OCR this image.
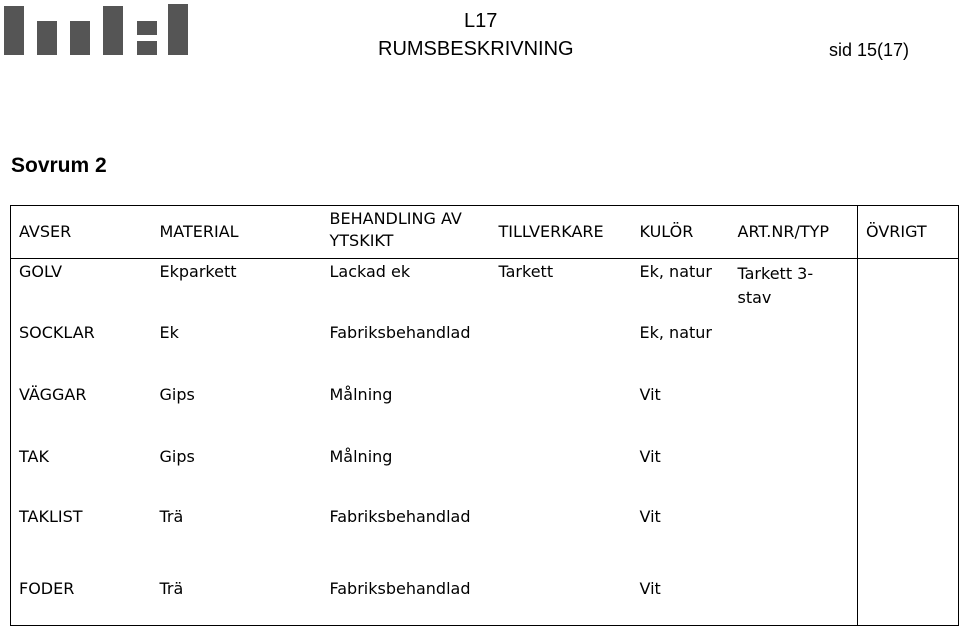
L17
RUMSBESKRIVNING	sid 15(17)
Sovrum 2
AVSER	MATERIAL	BEHANDLING AV YTSKIKT	TILLVERKARE	KULÖR	ART.NR/TYP	ÖVRIGT
GOLV	Ekparkett	Lackad ek	Tarkett	Ek, natur	Tarkett 3-stav	

SOCKLAR	Ek	Fabriksbehandlad		Ek, natur		
VÄGGAR	Gips	Målning		Vit		
TAK	Gips	Målning		Vit		
TAKLIST	Trä	Fabriksbehandlad		Vit		
FODER	Trä	Fabriksbehandlad		Vit		
